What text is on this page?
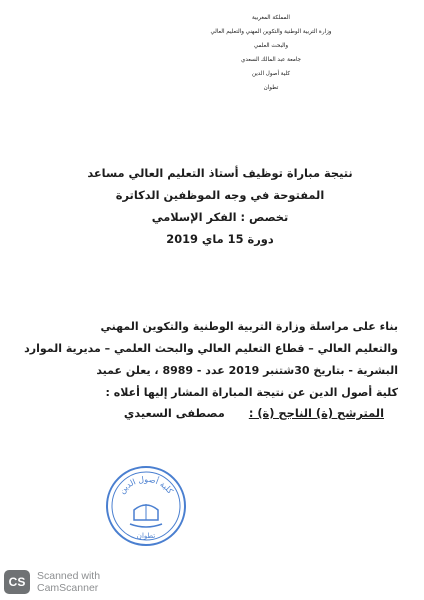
المملكة المغربية
وزارة التربية الوطنية والتكوين المهني والتعليم العالي
والبحث العلمي
جامعة عبد المالك السعدي
كلية أصول الدين
تطوان
نتيجة مباراة توظيف أستاذ التعليم العالي مساعد
المفتوحة في وجه الموظفين الدكاترة
تخصص : الفكر الإسلامي
دورة 15 ماي 2019
بناء على مراسلة وزارة التربية الوطنية والتكوين المهني
والتعليم العالي – قطاع التعليم العالي والبحث العلمي – مديرية الموارد
البشرية - بتاريخ 30شتنبر 2019 عدد - 8989 ، يعلن عميد
كلية أصول الدين عن نتيجة المباراة المشار إليها أعلاه :
المترشح (ة) الناجح (ة) :مصطفى السعيدي
كلية أصول الدين
تطوان
CS	Scanned with
CamScanner
